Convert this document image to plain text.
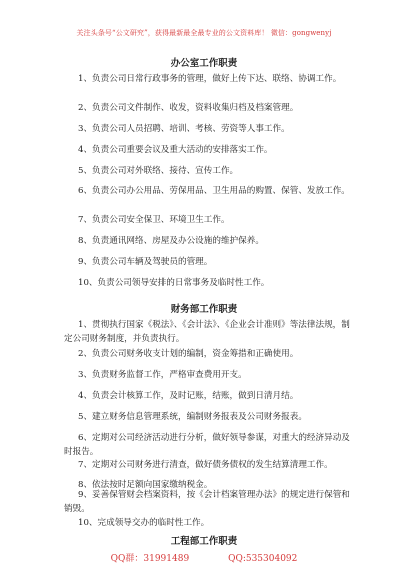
关注头条号“公文研究”，获得最新最全最专业的公文资料库！ 微信：gongwenyj
办公室工作职责
1、负责公司日常行政事务的管理，做好上传下达、联络、协调工作。
2、负责公司文件制作、收发，资料收集归档及档案管理。
3、负责公司人员招聘、培训、考核、劳资等人事工作。
4、负责公司重要会议及重大活动的安排落实工作。
5、负责公司对外联络、接待、宣传工作。
6、负责公司办公用品、劳保用品、卫生用品的购置、保管、发放工作。
7、负责公司安全保卫、环境卫生工作。
8、负责通讯网络、房屋及办公设施的维护保养。
9、负责公司车辆及驾驶员的管理。
10、负责公司领导安排的日常事务及临时性工作。
财务部工作职责
1、贯彻执行国家《税法》、《会计法》、《企业会计准则》等法律法规，制定公司财务制度，并负责执行。
2、负责公司财务收支计划的编制，资金筹措和正确使用。
3、负责财务监督工作，严格审查费用开支。
4、负责会计核算工作，及时记账，结账，做到日清月结。
5、建立财务信息管理系统，编制财务报表及公司财务报表。
6、定期对公司经济活动进行分析，做好领导参谋，对重大的经济异动及时报告。
7、定期对公司财务进行清查，做好债务债权的发生结算清理工作。
8、依法按时足额向国家缴纳税金。
9、妥善保管财会档案资料，按《会计档案管理办法》的规定进行保管和销毁。
10、完成领导交办的临时性工作。
QQ群：31991489	QQ:535304092
工程部工作职责
